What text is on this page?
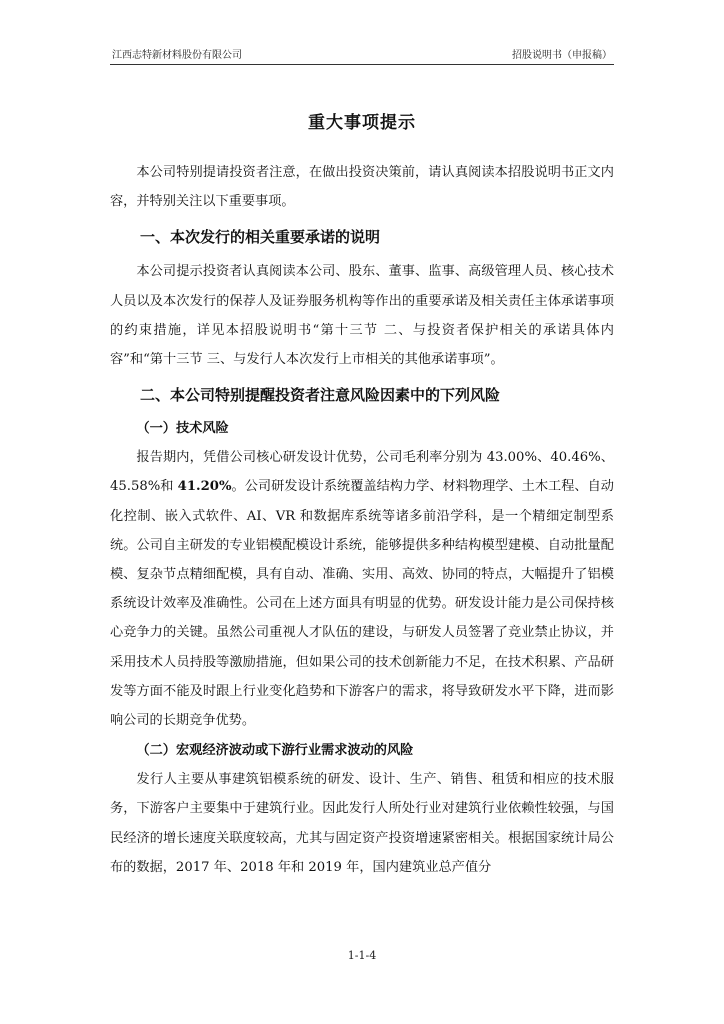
江西志特新材料股份有限公司	招股说明书（申报稿）
重大事项提示

本公司特别提请投资者注意，在做出投资决策前，请认真阅读本招股说明书正文内容，并特别关注以下重要事项。

一、本次发行的相关重要承诺的说明

本公司提示投资者认真阅读本公司、股东、董事、监事、高级管理人员、核心技术人员以及本次发行的保荐人及证券服务机构等作出的重要承诺及相关责任主体承诺事项的约束措施，详见本招股说明书“第十三节 二、与投资者保护相关的承诺具体内容”和“第十三节 三、与发行人本次发行上市相关的其他承诺事项”。

二、本公司特别提醒投资者注意风险因素中的下列风险
（一）技术风险

报告期内，凭借公司核心研发设计优势，公司毛利率分别为 43.00%、40.46%、45.58%和 41.20%。公司研发设计系统覆盖结构力学、材料物理学、土木工程、自动化控制、嵌入式软件、AI、VR 和数据库系统等诸多前沿学科，是一个精细定制型系统。公司自主研发的专业铝模配模设计系统，能够提供多种结构模型建模、自动批量配模、复杂节点精细配模，具有自动、准确、实用、高效、协同的特点，大幅提升了铝模系统设计效率及准确性。公司在上述方面具有明显的优势。研发设计能力是公司保持核心竞争力的关键。虽然公司重视人才队伍的建设，与研发人员签署了竞业禁止协议，并采用技术人员持股等激励措施，但如果公司的技术创新能力不足，在技术积累、产品研发等方面不能及时跟上行业变化趋势和下游客户的需求，将导致研发水平下降，进而影响公司的长期竞争优势。

（二）宏观经济波动或下游行业需求波动的风险

发行人主要从事建筑铝模系统的研发、设计、生产、销售、租赁和相应的技术服务，下游客户主要集中于建筑行业。因此发行人所处行业对建筑行业依赖性较强，与国民经济的增长速度关联度较高，尤其与固定资产投资增速紧密相关。根据国家统计局公布的数据，2017 年、2018 年和 2019 年，国内建筑业总产值分

1-1-4
